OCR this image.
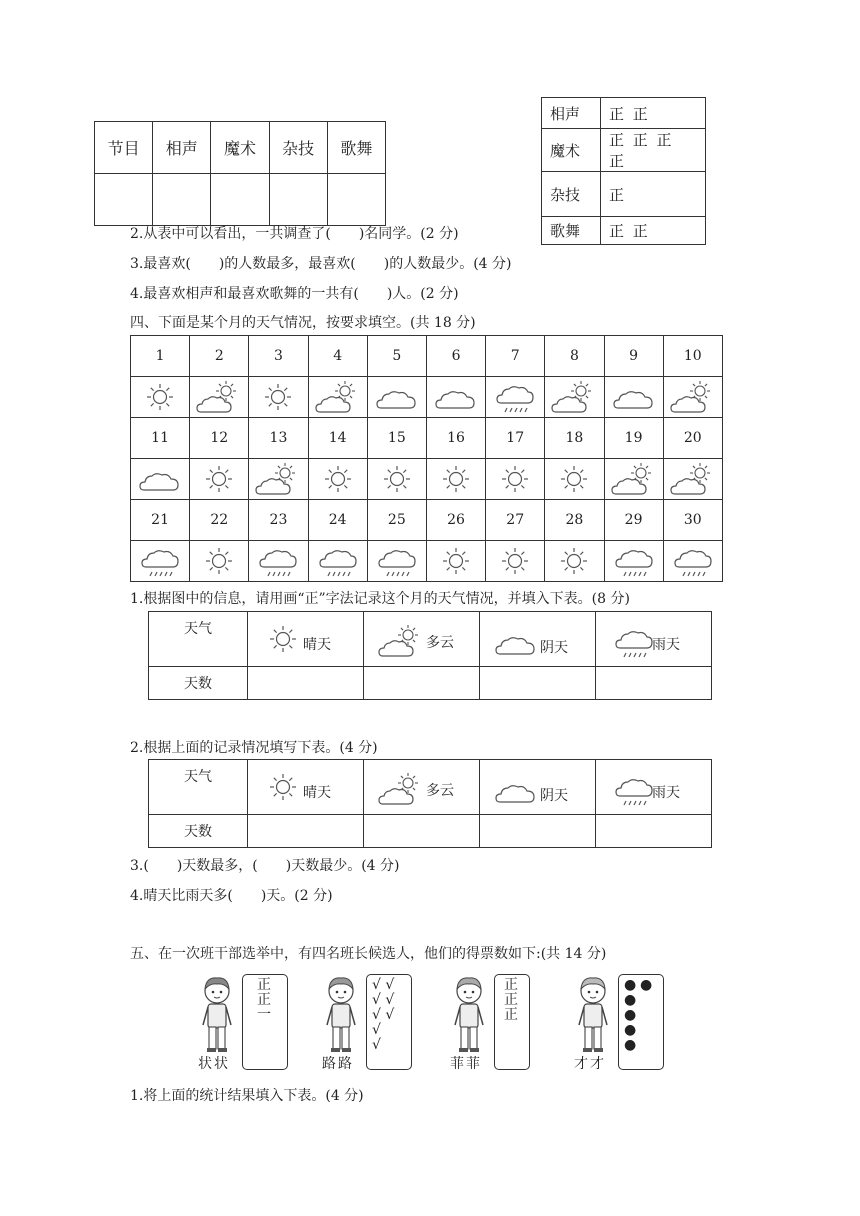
节目	相声	魔术	杂技	歌舞

相声	正 正
魔术	正 正 正 正
杂技	正
歌舞	正 正
2.从表中可以看出，一共调查了(　　)名同学。(2 分)
3.最喜欢(　　)的人数最多，最喜欢(　　)的人数最少。(4 分)
4.最喜欢相声和最喜欢歌舞的一共有(　　)人。(2 分)
四、下面是某个月的天气情况，按要求填空。(共 18 分)
1	2	3	4	5	6	7	8	9	10

11	12	13	14	15	16	17	18	19	20

21	22	23	24	25	26	27	28	29	30

1.根据图中的信息，请用画“正”字法记录这个月的天气情况，并填入下表。(8 分)
天气	晴天	多云	阴天	雨天

天数				
2.根据上面的记录情况填写下表。(4 分)
天气	晴天	多云	阴天	雨天

天数				
3.(　　)天数最多，(　　)天数最少。(4 分)
4.晴天比雨天多(　　)天。(2 分)
五、在一次班干部选举中，有四名班长候选人，他们的得票数如下:(共 14 分)
状状
正
正
一
路路
√ √
√ √
√ √
√
√
菲菲
正
正
正
才才
● ●
●
●
●
●
1.将上面的统计结果填入下表。(4 分)
